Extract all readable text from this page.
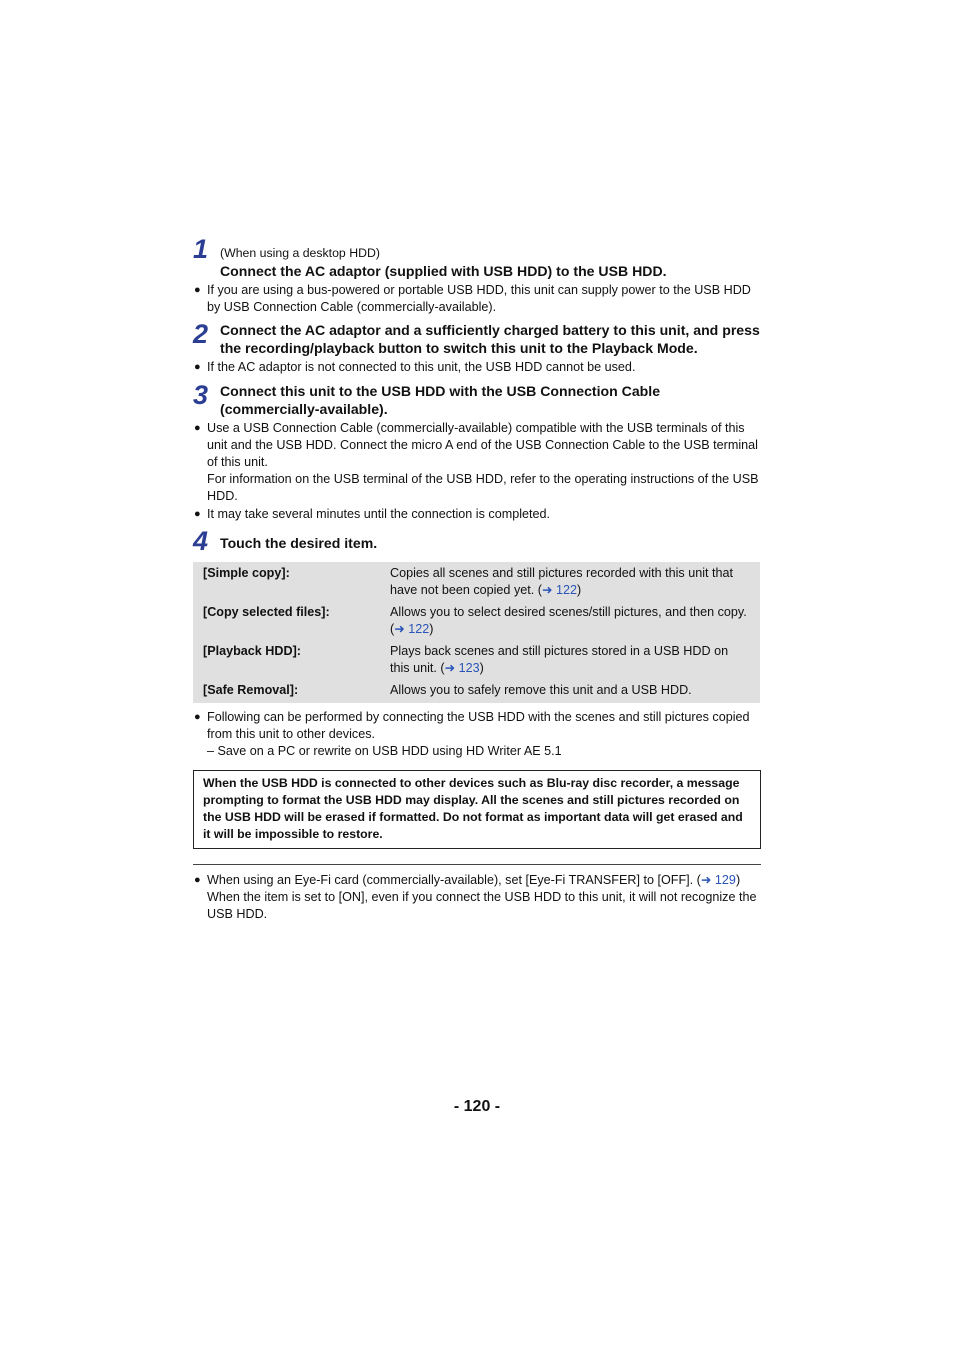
1 (When using a desktop HDD)
Connect the AC adaptor (supplied with USB HDD) to the USB HDD.
● If you are using a bus-powered or portable USB HDD, this unit can supply power to the USB HDD by USB Connection Cable (commercially-available).
2 Connect the AC adaptor and a sufficiently charged battery to this unit, and press the recording/playback button to switch this unit to the Playback Mode.
● If the AC adaptor is not connected to this unit, the USB HDD cannot be used.
3 Connect this unit to the USB HDD with the USB Connection Cable (commercially-available).
● Use a USB Connection Cable (commercially-available) compatible with the USB terminals of this unit and the USB HDD. Connect the micro A end of the USB Connection Cable to the USB terminal of this unit.
For information on the USB terminal of the USB HDD, refer to the operating instructions of the USB HDD.
● It may take several minutes until the connection is completed.
4 Touch the desired item.
[Simple copy]:	Copies all scenes and still pictures recorded with this unit that have not been copied yet. (➜ 122)
[Copy selected files]:	Allows you to select desired scenes/still pictures, and then copy. (➜ 122)
[Playback HDD]:	Plays back scenes and still pictures stored in a USB HDD on this unit. (➜ 123)
[Safe Removal]:	Allows you to safely remove this unit and a USB HDD.
● Following can be performed by connecting the USB HDD with the scenes and still pictures copied from this unit to other devices.
– Save on a PC or rewrite on USB HDD using HD Writer AE 5.1
When the USB HDD is connected to other devices such as Blu-ray disc recorder, a message prompting to format the USB HDD may display. All the scenes and still pictures recorded on the USB HDD will be erased if formatted. Do not format as important data will get erased and it will be impossible to restore.
● When using an Eye-Fi card (commercially-available), set [Eye-Fi TRANSFER] to [OFF]. (➜ 129)
When the item is set to [ON], even if you connect the USB HDD to this unit, it will not recognize the USB HDD.
- 120 -
